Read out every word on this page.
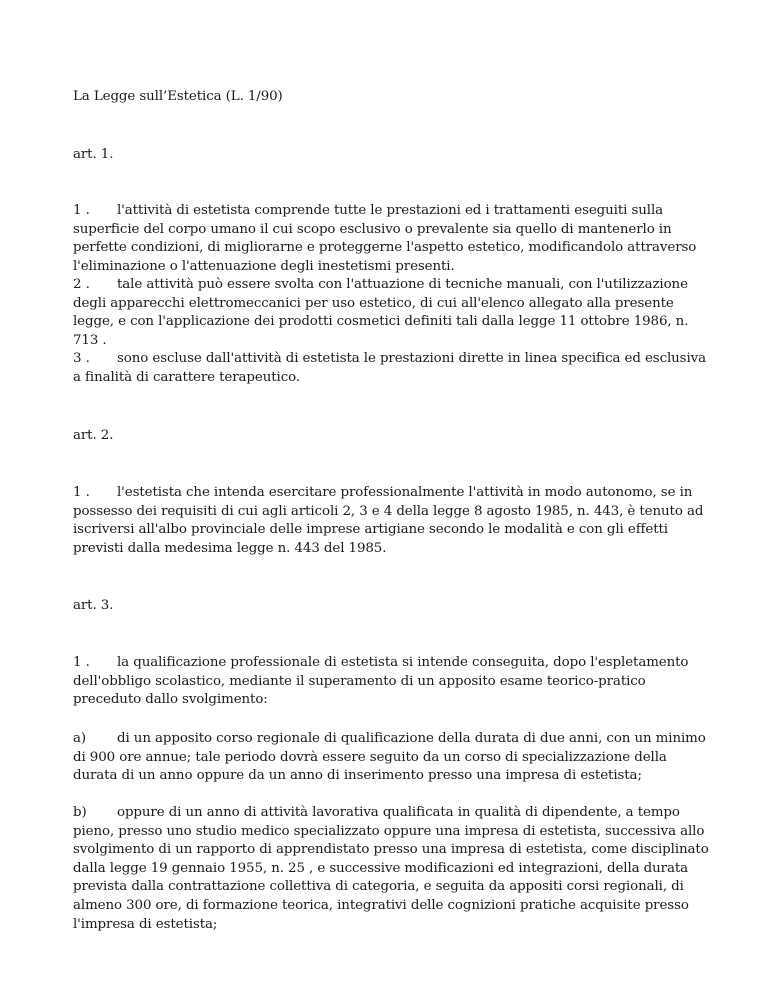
La Legge sull’Estetica (L. 1/90)

art. 1.

1 . l'attività di estetista comprende tutte le prestazioni ed i trattamenti eseguiti sulla superficie del corpo umano il cui scopo esclusivo o prevalente sia quello di mantenerlo in perfette condizioni, di migliorarne e proteggerne l'aspetto estetico, modificandolo attraverso l'eliminazione o l'attenuazione degli inestetismi presenti.

2 . tale attività può essere svolta con l'attuazione di tecniche manuali, con l'utilizzazione degli apparecchi elettromeccanici per uso estetico, di cui all'elenco allegato alla presente legge, e con l'applicazione dei prodotti cosmetici definiti tali dalla legge 11 ottobre 1986, n. 713 .

3 . sono escluse dall'attività di estetista le prestazioni dirette in linea specifica ed esclusiva a finalità di carattere terapeutico.

art. 2.

1 . l'estetista che intenda esercitare professionalmente l'attività in modo autonomo, se in possesso dei requisiti di cui agli articoli 2, 3 e 4 della legge 8 agosto 1985, n. 443, è tenuto ad iscriversi all'albo provinciale delle imprese artigiane secondo le modalità e con gli effetti previsti dalla medesima legge n. 443 del 1985.

art. 3.

1 . la qualificazione professionale di estetista si intende conseguita, dopo l'espletamento dell'obbligo scolastico, mediante il superamento di un apposito esame teorico-pratico preceduto dallo svolgimento:

a) di un apposito corso regionale di qualificazione della durata di due anni, con un minimo di 900 ore annue; tale periodo dovrà essere seguito da un corso di specializzazione della durata di un anno oppure da un anno di inserimento presso una impresa di estetista;

b) oppure di un anno di attività lavorativa qualificata in qualità di dipendente, a tempo pieno, presso uno studio medico specializzato oppure una impresa di estetista, successiva allo svolgimento di un rapporto di apprendistato presso una impresa di estetista, come disciplinato dalla legge 19 gennaio 1955, n. 25 , e successive modificazioni ed integrazioni, della durata prevista dalla contrattazione collettiva di categoria, e seguita da appositi corsi regionali, di almeno 300 ore, di formazione teorica, integrativi delle cognizioni pratiche acquisite presso l'impresa di estetista;
